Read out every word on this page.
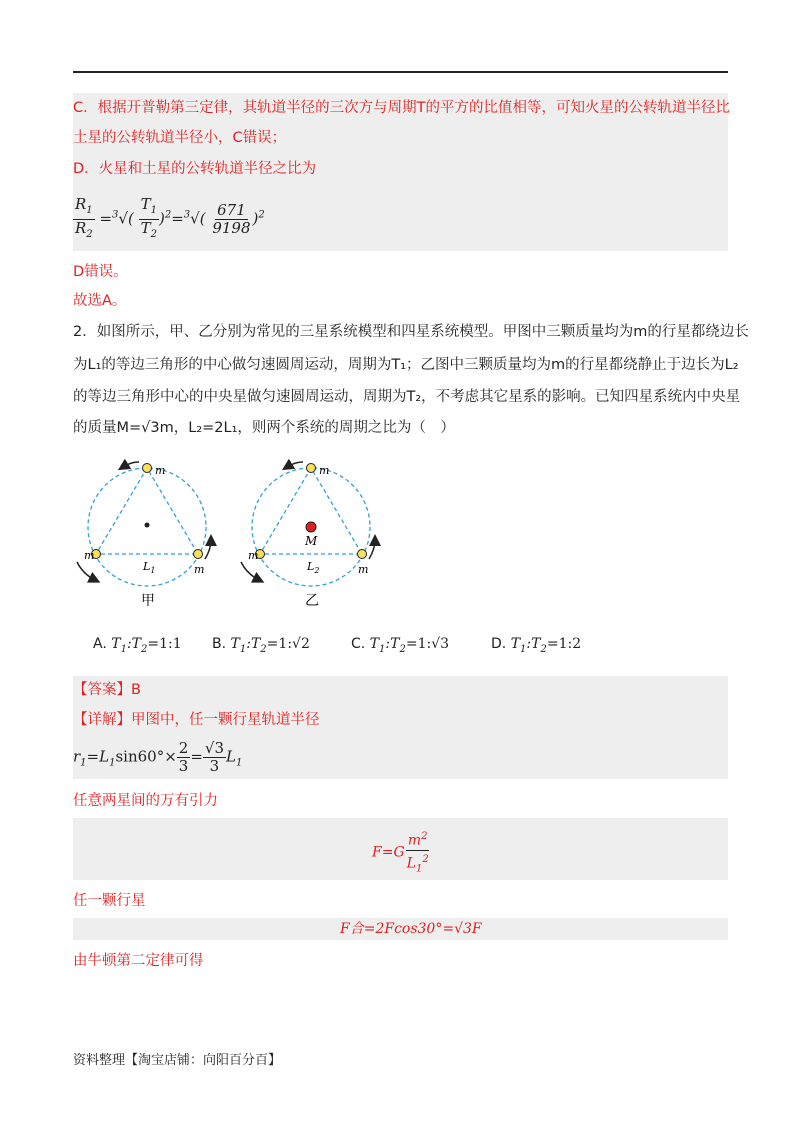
C．根据开普勒第三定律，其轨道半径的三次方与周期T的平方的比值相等，可知火星的公转轨道半径比
土星的公转轨道半径小，C错误；
D．火星和土星的公转轨道半径之比为
$\frac{R_1}{R_2} =^3√( \frac{T_1}{T_2} )^2=^3√( \frac{671}{9198} )^2$
D错误。
故选A。
2．如图所示，甲、乙分别为常见的三星系统模型和四星系统模型。甲图中三颗质量均为m的行星都绕边长
为L₁的等边三角形的中心做匀速圆周运动，周期为T₁；乙图中三颗质量均为m的行星都绕静止于边长为L₂
的等边三角形中心的中央星做匀速圆周运动，周期为T₂，不考虑其它星系的影响。已知四星系统内中央星
的质量M=√3m，L₂=2L₁，则两个系统的周期之比为（　）
m
m
m
$L_1$
甲
m
m
m
M
$L_2$
乙
A. $T_1:T_2=1:1$ B. $T_1:T_2=1:√2$	C. $T_1:T_2=1:√3$	D. $T_1:T_2=1:2$
【答案】B
【详解】甲图中，任一颗行星轨道半径
$r_1=L_1\sin 60^\circ\times \frac{2}{3} = \frac{√3}{3} L_1$
任意两星间的万有引力
$F=G \frac{m^2}{L_1^2}$
任一颗行星
F合=2Fcos30°=√3F
由牛顿第二定律可得
资料整理【淘宝店铺：向阳百分百】
